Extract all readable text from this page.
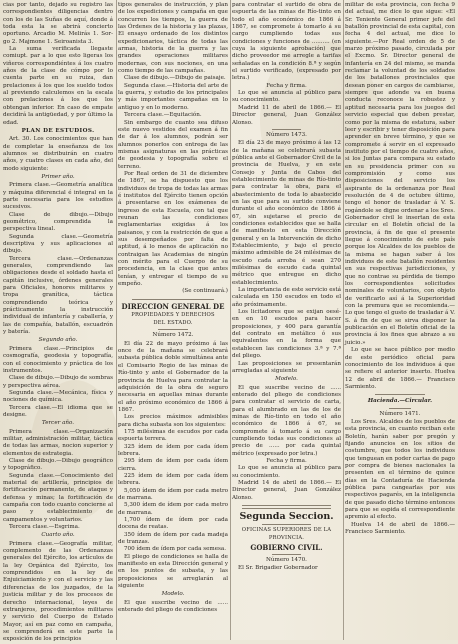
cias por tanto, dejado su registro las correspondientes diligencias dentro con los de las Suñas de aquí, donde á toda esta la se abrirá concierto oportuno. Arcadio M. Melirás 1. Sor- go 2. Majmone 1. Seiroanista 3.

La suma verificada llegaste comiupt. par a lo que esto ligeras los viñeros correspondiéntes á los cuatro años de la clase de cómpo por lo cuenta parte en su ruiza, dan prelaciones á los que los sueldo todos al previendo calculemos en la escala con prelaciones á los que los obtengan inferior. En caso de empate decidirá la antigüedad, y por último la edad.

PLAN DE ESTUDIOS.

Art. 30. Los conocimientos que han de completar la enseñanza de los alumnos se distribuirán en cuatro años, y cuatro clases en cada año, del modo siguiente:

Primer año.

Primera clase.—Geometría analítica y máquina diferencial é integral en la parte necesaria para los estudios sucesivos.

Clase de dibujo.—Dibujo geométrico, comprendida la perspectiva lineal.

Segunda clase.—Geometría descriptiva y sus aplicaciones al dibujo.

Tercera clase.—Ordenanzas generales, comprendiendo las obligaciones desde el soldado hasta el capitán inclusive, órdenes generales para Oficiales, honores militares y tropa granítica, táctica comprendiendo teórica y prácticamente la instrucción individual de infantería y caballería, y las de compañía, batallón, escuadrón y batería.

Segundo año.

Primera clase.—Principios de cosmografía, geodesia y topografía, con el conocimiento y práctica de los instrumentos.

Clase de dibujo.—Dibujo de sombras y perspectiva aérea.

Segunda clase.—Mecánica, física y nociones de química.

Tercera clase.—El idioma que se designe.

Tercer año.

Primera clase.—Organización militar, administración militar, táctica de todas las armas, nocion superior y elementos de estrategia.

Clase de dibujo.—Dibujo geográfico y topográfico.

Segunda clase.—Conocimiento del material de artillería, principios de fortificación permanente, de ataque y defensa y minas; la fortificación de campaña con todo cuanto concierne al paso y establecimiento de campamentos y voluntarios.

Tercera clase.—Esgrima.

Cuarto año.

Primera clase.—Geografía militar, complemento de las Ordenanzas generales del Ejército, los artículos de la ley Orgánica del Ejército, los comprendidos en la ley de Enjuiciamiento y con el servicio y las diferencias de los juzgados, de la justicia militar y de los procesos de derecho internacional, leyes de extranjeros, procedimientos militares y servicio del Cuerpo de Estado Mayor, así en paz como en campaña, se comprenderá en este parte la exposición de los principios

tipos generales de instrucción, y plan de los expediciones y campaña en que concurren los tiempos, la guerra de las Órdenes de la historia y las plazas, El ensayo ordenado de los distintos expedicionarios, táctica de todas las armas, historia de la guerra y las grandes operaciones militares modernas, con sus nociones, en una como tiempo de las campañas.

Clase de dibujo.—Dibujo de paisaje.

Segunda clase.—Historia del arte de la guerra, y estudio de los principales y más importantes campañas en lo antiguo y en lo moderno.

Tercera clase.—Equitación.

Sin embargo de cuanto sea difuso este nuevo vestidos del examen á fin de dar á los alumnos, podrán ser alumnos ponerlos con entrega de las mismas asignaturas en las prácticas de geodesia y topografía sobre el terreno.

Por Real orden de 31 de diciembre de 1867, se ha dispuesto que los individuos de tropa de todas las armas é institutos del Ejército tienen opción á presentarse en los exámenes de ingreso de esta Escuela, con tal que reunan las condiciones reglamentarias exigidas á los paisanos, y con la restricción de que a sus desempeñados por falta de aptitud, á lo menos de aplicación no contraigan las Academias de ningún con mérito para el Cuerpo de su procedencia, en la clase que antes tenían, y entregar el tiempo de su empeño.

(Se continuará.)

DIRECCION GENERAL DE
PROPIEDADES Y DERECHOS
DEL ESTADO.
Número 1472.

El día 22 de mayo próximo á las once de la mañana se celebrará subasta pública doble simultánea ante el Comisario Regio de las minas de Río-tinto y ante el Gobernador de la provincia de Huelva para contratar la adquisición de la obra de seguro necesaria en aquellas minas durante el año próximo económico de 1866 á 1867.

Los precios máximos admisibles para dicha subasta son los siguientes:

175 milésimas de escudos por cada espuerta terrera.

325 ídem de ídem por cada ídem lebrera.

295 ídem de ídem por cada ídem cierra.

225 ídem de ídem por cada ídem lebrera.

5,050 ídem de ídem por cada metro de marrana.

5,300 ídem de ídem por cada metro de marrana.

1,700 ídem de ídem por cada docena de reatas.

350 ídem de ídem por cada madeja de tranzas.

700 ídem de ídem por cada semesa.

El pliego de condiciones se halla de manifiesto en esta Dirección general y en los puntos de subasta, y las proposiciones se arreglarán al siguiente

Modelo.

El que suscribe vecino de ...... enterado del pliego de condiciones

para contratar el surtido de obra de espuerta de las minas de Río-tinto en todo el año económico de 1866 á 1867, se compromete á tomarlo á su cargo cumpliendo todas sus condiciones y funciones de .......... (en cuya la siguiente aprobación) que dicho proveedor me arregle a tarifas señaladas en la condición 8.ª y según el surtido verificado, (expresado por letra.)

Fecha y firma.

Lo que se anuncia al público para su conocimiento.

Madrid 11 de abril de 1866.— El Director general, Juan González Alonso.

Número 1473.

El día 23 de mayo próximo á las 12 de la mañana se celebrará subasta pública ante el Gobernador Civil de la provincia de Huelva, y en este Consejo y Junta de Cabos del establecimiento de minas de Río-tinto para contratar la obra, para el abastecimiento de toda lo abastecido en las que para su surtido conviene durante el año económico de 1866 á 67, sin sujetarse el precio de condiciones establecidos que se halla de manifiesto en esta Dirección general y en la Intervención de dicho Establecimiento, y bajo el precio máximo admisible de 24 milésimas de escudo cada arroba é sean 270 milésimas de escudo cada quintal métrico que entregue en dicho establecimiento.

La importancia de este servicio está calculada en 150 escudos en todo el año próximamente.

Los licitadores que se exijan oesé-en en 10 escudos para hacer proposiciones, y 400 para garantía del contrato en metálico ó sus equivalentes en la forma que establecen las condiciones 3.ª y 7.ª del pliego.

Las proposiciones se presentarán arregladas al siguiente

Modelo.

El que suscribe vecino de ...... enterado del pliego de condiciones para contratar el servicio de carta, para el alumbrado en las de los de minas de Río-tinto en todo el año económico de 1866 á 67, se compromete á tomarlo á su cargo cumpliendo todas sus condiciones al precio de ...... por cada quintal métrico (expresado por letra.)

Fecha y firma.

Lo que se anuncia al público para su conocimiento.

Madrid 14 de abril de 1866.— El Director general, Juan González Alonso.

Segunda Seccion.
OFICINAS SUPERIORES DE LA
PROVINCIA.
GOBIERNO CIVIL.
Número 1470.

El Sr. Brigadier Gobernador

militar de esta provincia, con fecha 9 del actual, me dice lo que sigue: «El Sr. Teniente General primer jefe del batallón provincial de esta capital, con fecha 4 del actual, me dice lo siguiente.—Por Real orden de 5 de marzo próximo pasado, circulada por el Excmo. Sr. Director general de infantería en 24 del mismo, se manda reclamar la voluntad de los soldados de los batallones provinciales que desean poner en cargos de cambiarse, siempre que adonde va en buena conducta reconoce la robustez y aptitud necesaria para los juegos del servicio especial que deben prestar, como por la misma de estatura, saber leer y escribir y tener disposición para aprender en breve término, y que se compromete á servir en el expresado instituto por el tiempo de cuatro años, si los Juntas para compara su estado en su presidencia primer con su compromisión y como sus disposiciones del servicio los aspirante de la ordenanza por Real resolución de 4 de octubre último, tengo el honor de trasladar á V. S. rogándole se digne ordenar a los Sres. Gobernador civil le insertan de esta circular en el Boletín oficial de la provincia, á fin de que el presente llegue á conocimiento de este país porque los Alcaldes de los pueblos de la misma se hagan saber á los individuos de este batallón residentes en sus respectivas jurisdicciones, y que no contrae su pérdida de tiempo los correspondientes solicitudes nominales de voluntarios, con objeto de verificarlo así á la Superioridad con la premura que se recomienda.—Lo que tengo el gusto de trasladar á V. S. á fin de que se sirva disponer la publicación en el Boletín oficial de la provincia á los fines que abrazo a su juicio.»

Lo que se hace público por medio de este periódico oficial para conocimiento de los individuos á que se refiere el anterior inserto. Huelva 12 de abril de 1866.— Francisco Sarmiento.

Hacienda.—Circular.
Número 1471.

Los Sres. Alcaldes de los pueblos de esta provincia, en cuanto reciban este Boletín, harán saber por pregón y fijando anuncios en los sitios de costumbre, que todos los individuos que tenguean en poder cartas de pago por compra de bienes nacionales la presenten en el término de quince días en la Contaduría de Hacienda pública para cangearlas por sus respectivos pagarés, en la inteligencia de que pasado dicho término entonces para que se espida el correspondiente apremio al efecto.

Huelva 14 de abril de 1866.— Francisco Sarmiento.
